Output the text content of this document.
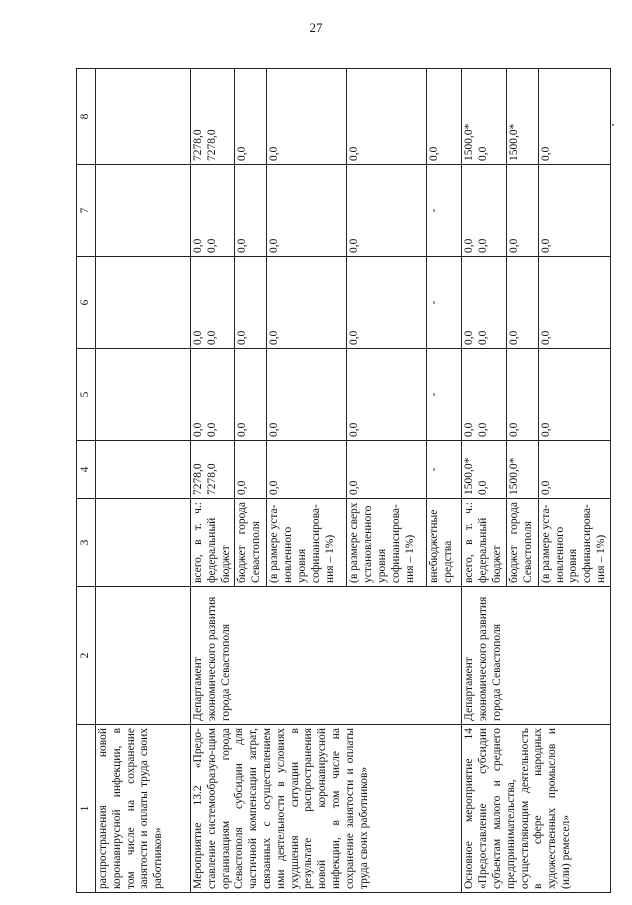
27
1	2	3	4	5	6	7	8
распространения новой коронавирусной инфекции, в том числе на сохранение занятости и оплаты труда своих работников»							
Мероприятие 13.2 «Предо-ставление системообразую-щим организациям города Севастополя субсидии для частичной компенсации затрат, связанных с осуществлением ими деятельности в условиях ухудшения ситуации в результате распространения новой коронавирусной инфекции, в том числе на сохранение занятости и оплаты труда своих работников»	Департамент экономического развития города Севастополя	всего, в т. ч.: федеральный бюджет	7278,0 7278,0	0,0 0,0	0,0 0,0	0,0 0,0	7278,0 7278,0

		бюджет города Севастополя	0,0	0,0	0,0	0,0	0,0
		(в размере уста-новленного уровня софинансирова-ния – 1%)	0,0	0,0	0,0	0,0	0,0
		(в размере сверх установленного уровня софинансирова-ния – 1%)	0,0	0,0	0,0	0,0	0,0
		внебюджетные средства	-	-	-	-	0,0
Основное мероприятие 14 «Предоставление субсидии субъектам малого и среднего предпринимательства, осуществляющим деятельность в сфере народных художественных промыслов и (или) ремесел»	Департамент экономического развития города Севастополя	всего, в т. ч.: федеральный бюджет	1500,0* 0,0	0,0 0,0	0,0 0,0	0,0 0,0	1500,0* 0,0

		бюджет города Севастополя	1500,0*	0,0	0,0	0,0	1500,0*
		(в размере уста-новленного уровня софинансирова-ния – 1%)	0,0	0,0	0,0	0,0	0,0
